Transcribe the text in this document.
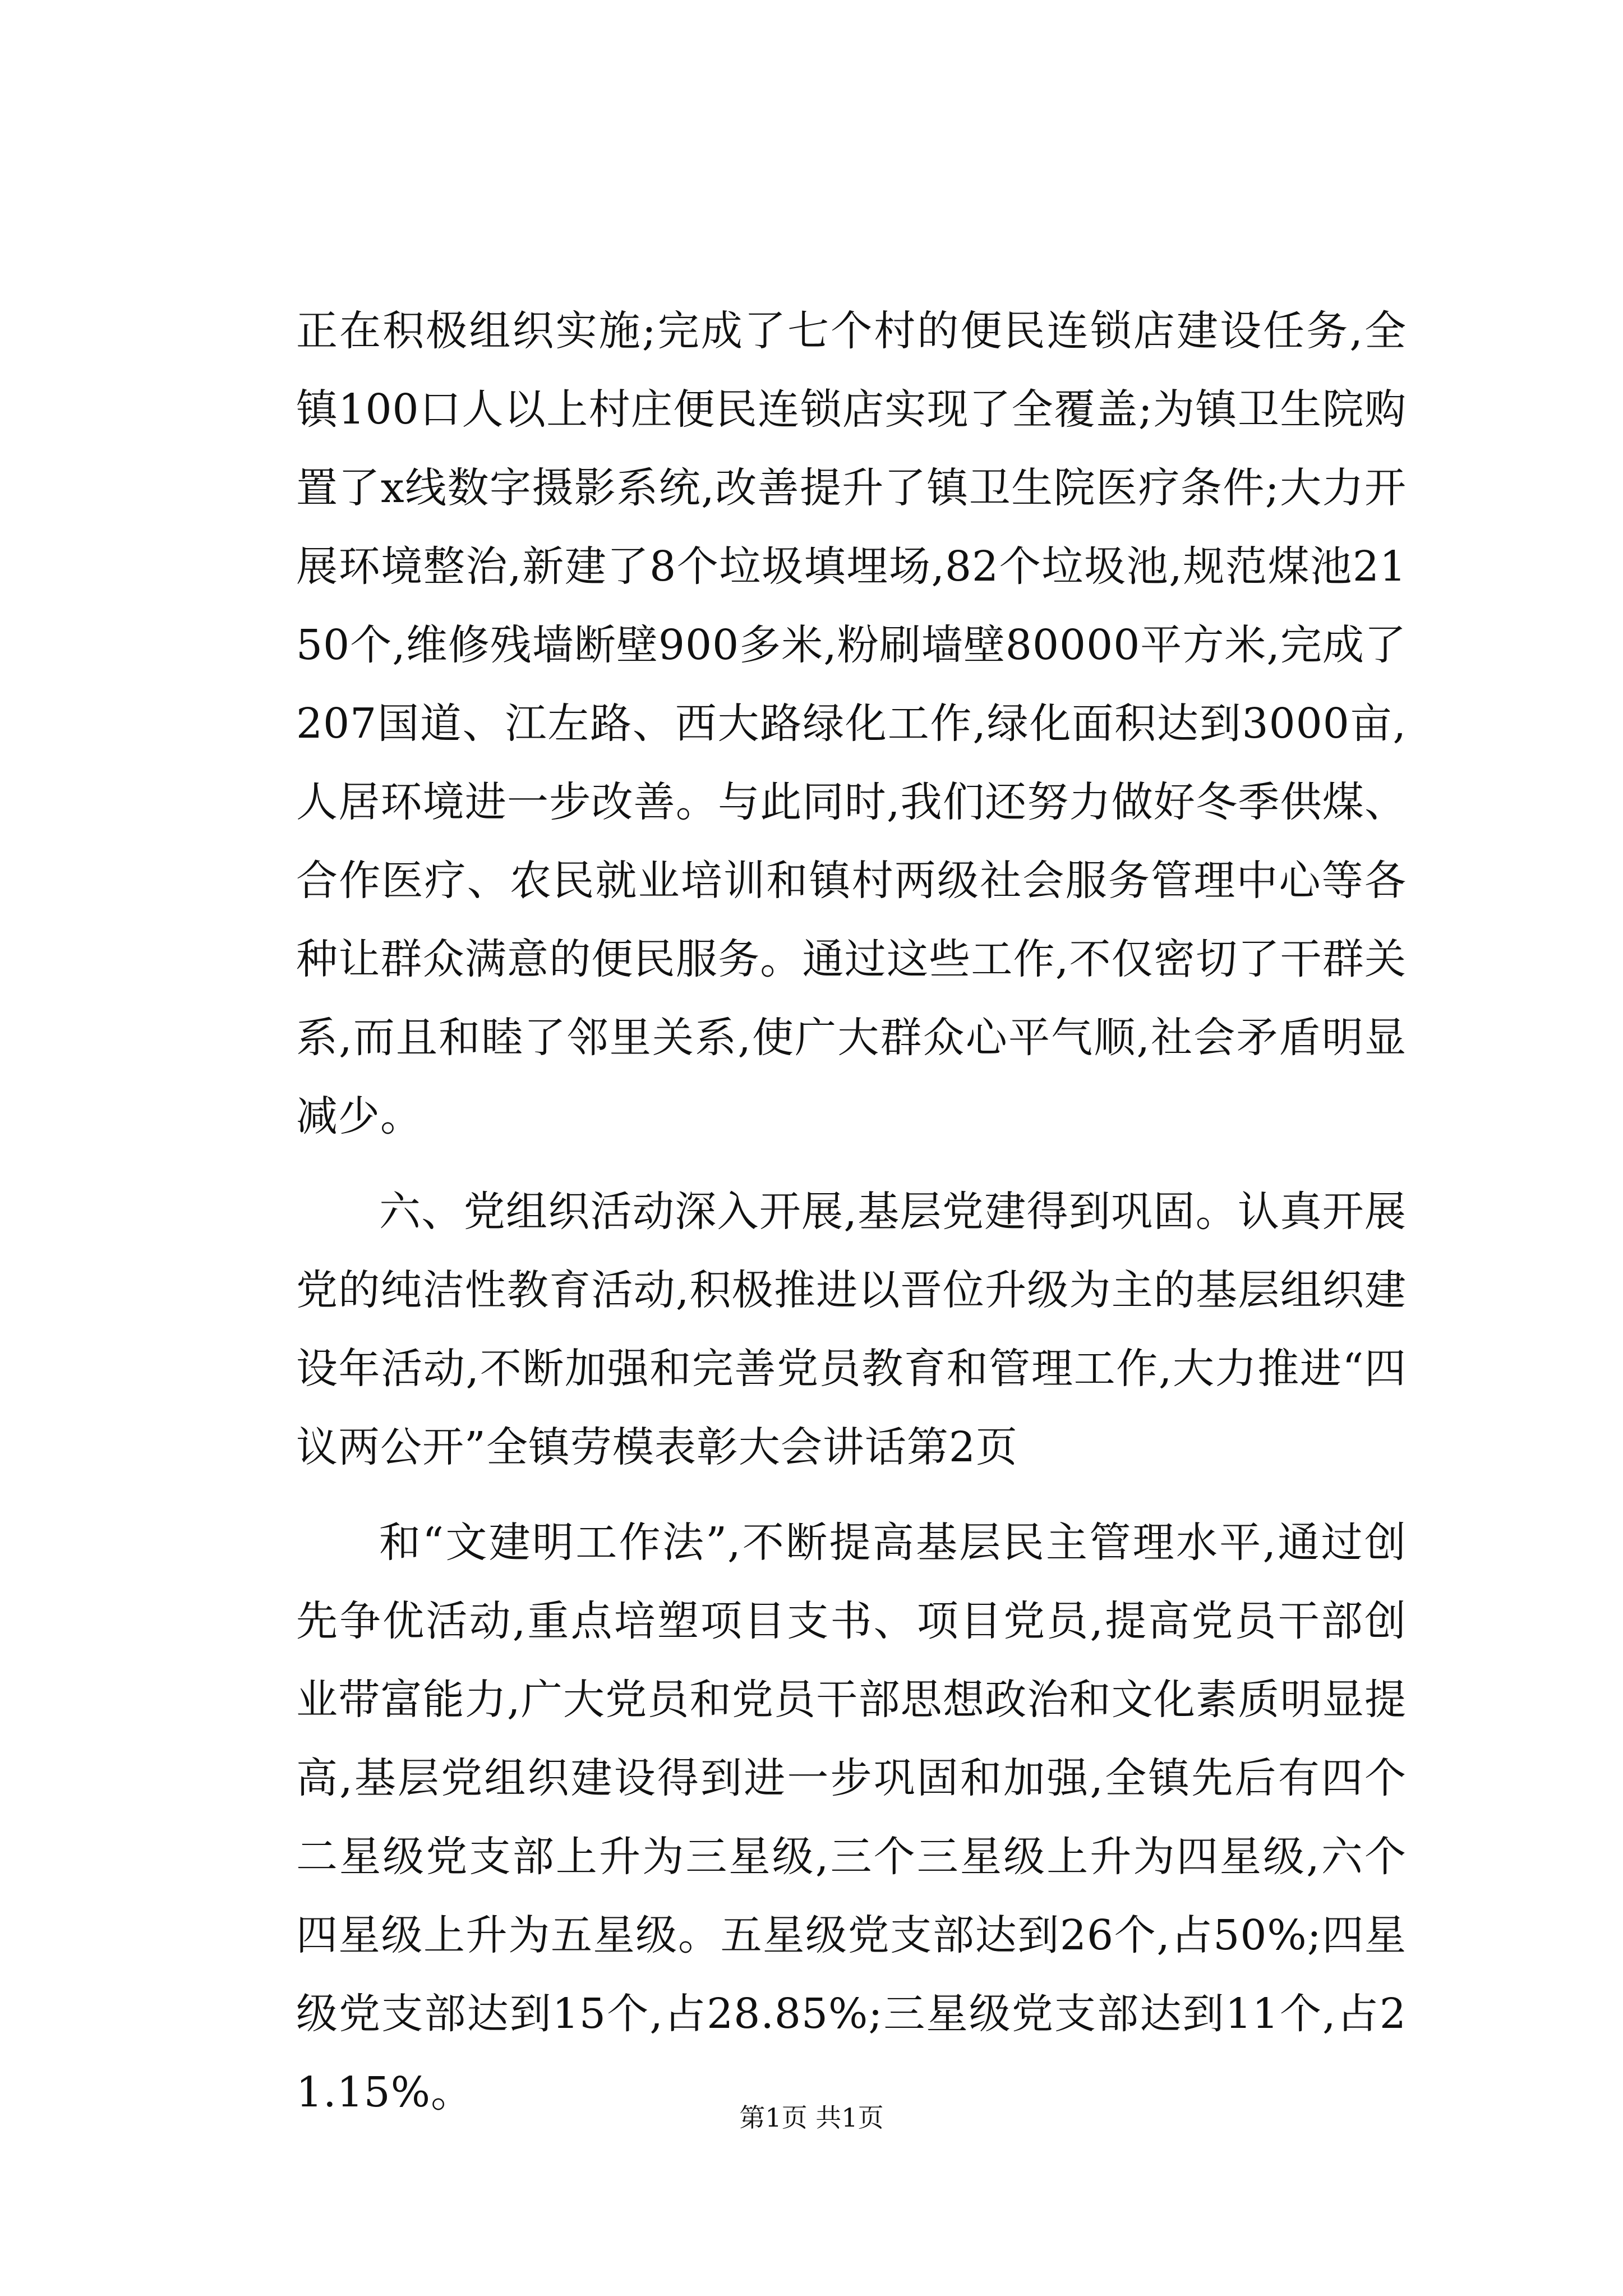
正在积极组织实施;完成了七个村的便民连锁店建设任务,全镇100口人以上村庄便民连锁店实现了全覆盖;为镇卫生院购置了x线数字摄影系统,改善提升了镇卫生院医疗条件;大力开展环境整治,新建了8个垃圾填埋场,82个垃圾池,规范煤池2150个,维修残墙断壁900多米,粉刷墙壁80000平方米,完成了207国道、江左路、西大路绿化工作,绿化面积达到3000亩,人居环境进一步改善。与此同时,我们还努力做好冬季供煤、合作医疗、农民就业培训和镇村两级社会服务管理中心等各种让群众满意的便民服务。通过这些工作,不仅密切了干群关系,而且和睦了邻里关系,使广大群众心平气顺,社会矛盾明显减少。

六、党组织活动深入开展,基层党建得到巩固。认真开展党的纯洁性教育活动,积极推进以晋位升级为主的基层组织建设年活动,不断加强和完善党员教育和管理工作,大力推进“四议两公开”全镇劳模表彰大会讲话第2页

和“文建明工作法”,不断提高基层民主管理水平,通过创先争优活动,重点培塑项目支书、项目党员,提高党员干部创业带富能力,广大党员和党员干部思想政治和文化素质明显提高,基层党组织建设得到进一步巩固和加强,全镇先后有四个二星级党支部上升为三星级,三个三星级上升为四星级,六个四星级上升为五星级。五星级党支部达到26个,占50%;四星级党支部达到15个,占28.85%;三星级党支部达到11个,占21.15%。

第1页 共1页
